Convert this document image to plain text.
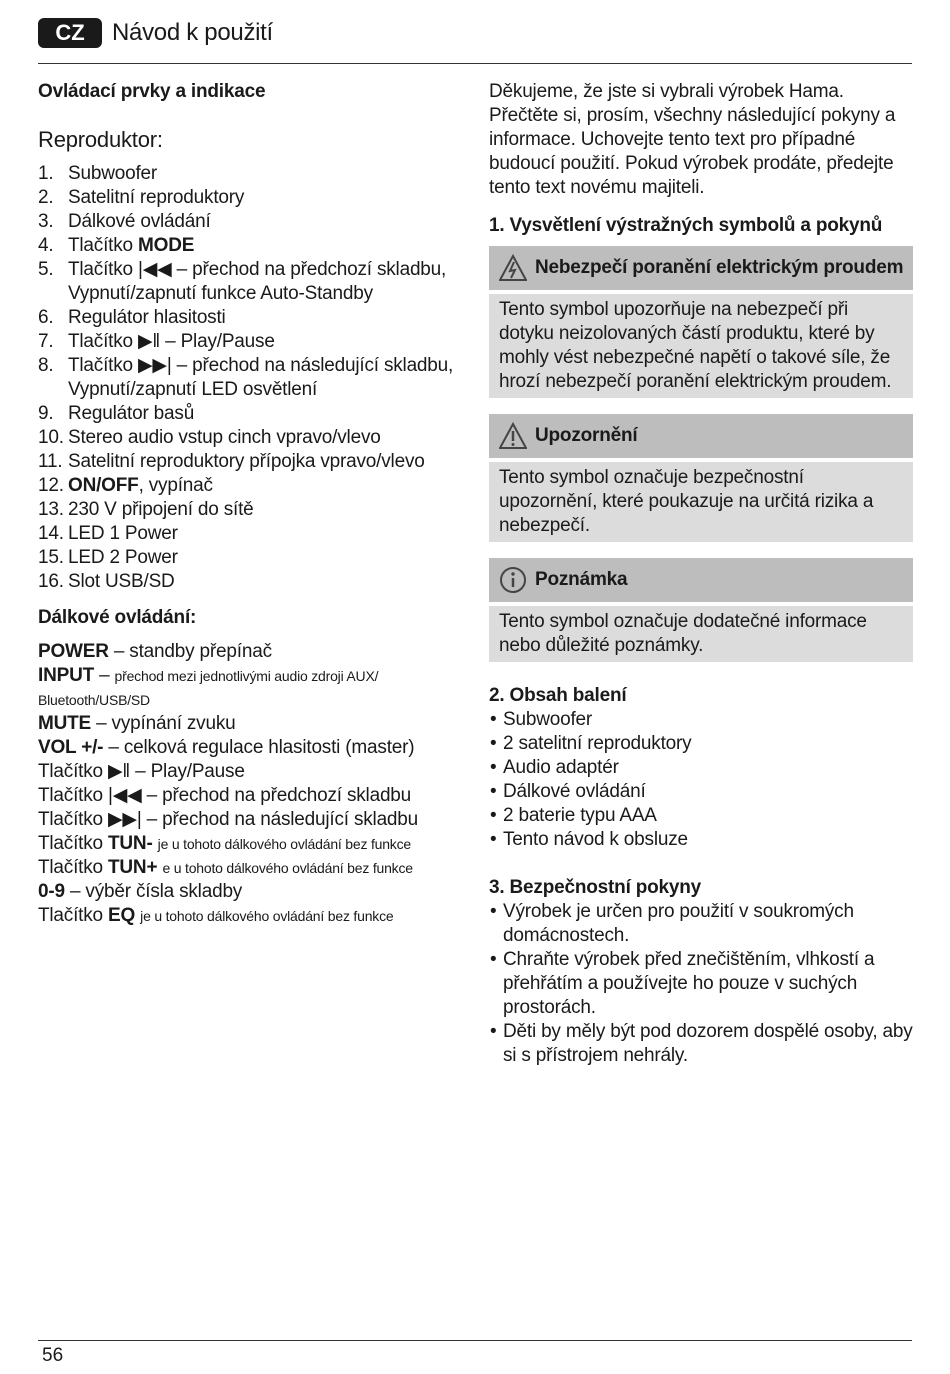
CZ	Návod k použití

Ovládací prvky a indikace

Reproduktor:
1. Subwoofer
2. Satelitní reproduktory
3. Dálkové ovládání
4. Tlačítko MODE
5. Tlačítko |◀◀ – přechod na předchozí skladbu, Vypnutí/zapnutí funkce Auto-Standby
6. Regulátor hlasitosti
7. Tlačítko ▶‖ – Play/Pause
8. Tlačítko ▶▶| – přechod na následující skladbu, Vypnutí/zapnutí LED osvětlení
9. Regulátor basů
10. Stereo audio vstup cinch vpravo/vlevo
11. Satelitní reproduktory přípojka vpravo/vlevo
12. ON/OFF, vypínač
13. 230 V připojení do sítě
14. LED 1 Power
15. LED 2 Power
16. Slot USB/SD

Dálkové ovládání:

POWER – standby přepínač
INPUT – přechod mezi jednotlivými audio zdroji AUX/ Bluetooth/USB/SD
MUTE – vypínání zvuku
VOL +/- – celková regulace hlasitosti (master)
Tlačítko ▶‖ – Play/Pause
Tlačítko |◀◀ – přechod na předchozí skladbu
Tlačítko ▶▶| – přechod na následující skladbu
Tlačítko TUN- je u tohoto dálkového ovládání bez funkce
Tlačítko TUN+ e u tohoto dálkového ovládání bez funkce
0-9 – výběr čísla skladby
Tlačítko EQ je u tohoto dálkového ovládání bez funkce

Děkujeme, že jste si vybrali výrobek Hama. Přečtěte si, prosím, všechny následující pokyny a informace. Uchovejte tento text pro případné budoucí použití. Pokud výrobek prodáte, předejte tento text novému majiteli.

1. Vysvětlení výstražných symbolů a pokynů
Nebezpečí poranění elektrickým proudem
Tento symbol upozorňuje na nebezpečí při dotyku neizolovaných částí produktu, které by mohly vést nebezpečné napětí o takové síle, že hrozí nebezpečí poranění elektrickým proudem.
Upozornění
Tento symbol označuje bezpečnostní upozornění, které poukazuje na určitá rizika a nebezpečí.
Poznámka
Tento symbol označuje dodatečné informace nebo důležité poznámky.
2. Obsah balení
• Subwoofer
• 2 satelitní reproduktory
• Audio adaptér
• Dálkové ovládání
• 2 baterie typu AAA
• Tento návod k obsluze
3. Bezpečnostní pokyny
• Výrobek je určen pro použití v soukromých domácnostech.
• Chraňte výrobek před znečištěním, vlhkostí a přehřátím a používejte ho pouze v suchých prostorách.
• Děti by měly být pod dozorem dospělé osoby, aby si s přístrojem nehrály.
56
